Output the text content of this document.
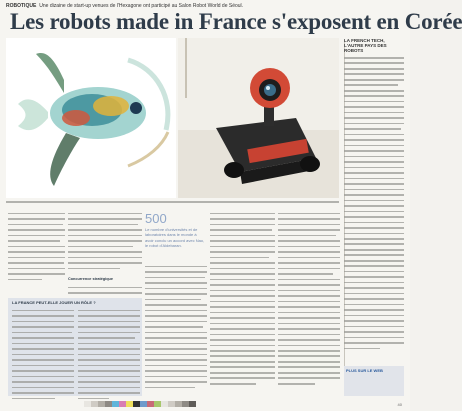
ROBOTIQUE Une dizaine de start-up venues de l'Hexagone ont participé au Salon Robot World de Séoul.
Les robots made in France s'exposent en Corée
Concurrence stratégique
500
Le nombre d'universités et de laboratoires dans le monde à avoir conclu un accord avec Nao, le robot d'Aldebaran.
LA FRANCE PEUT-ELLE JOUER UN RÔLE ?
LA FRENCH TECH, L'AUTRE PAYS DES ROBOTS
PLUS SUR LE WEB
40
